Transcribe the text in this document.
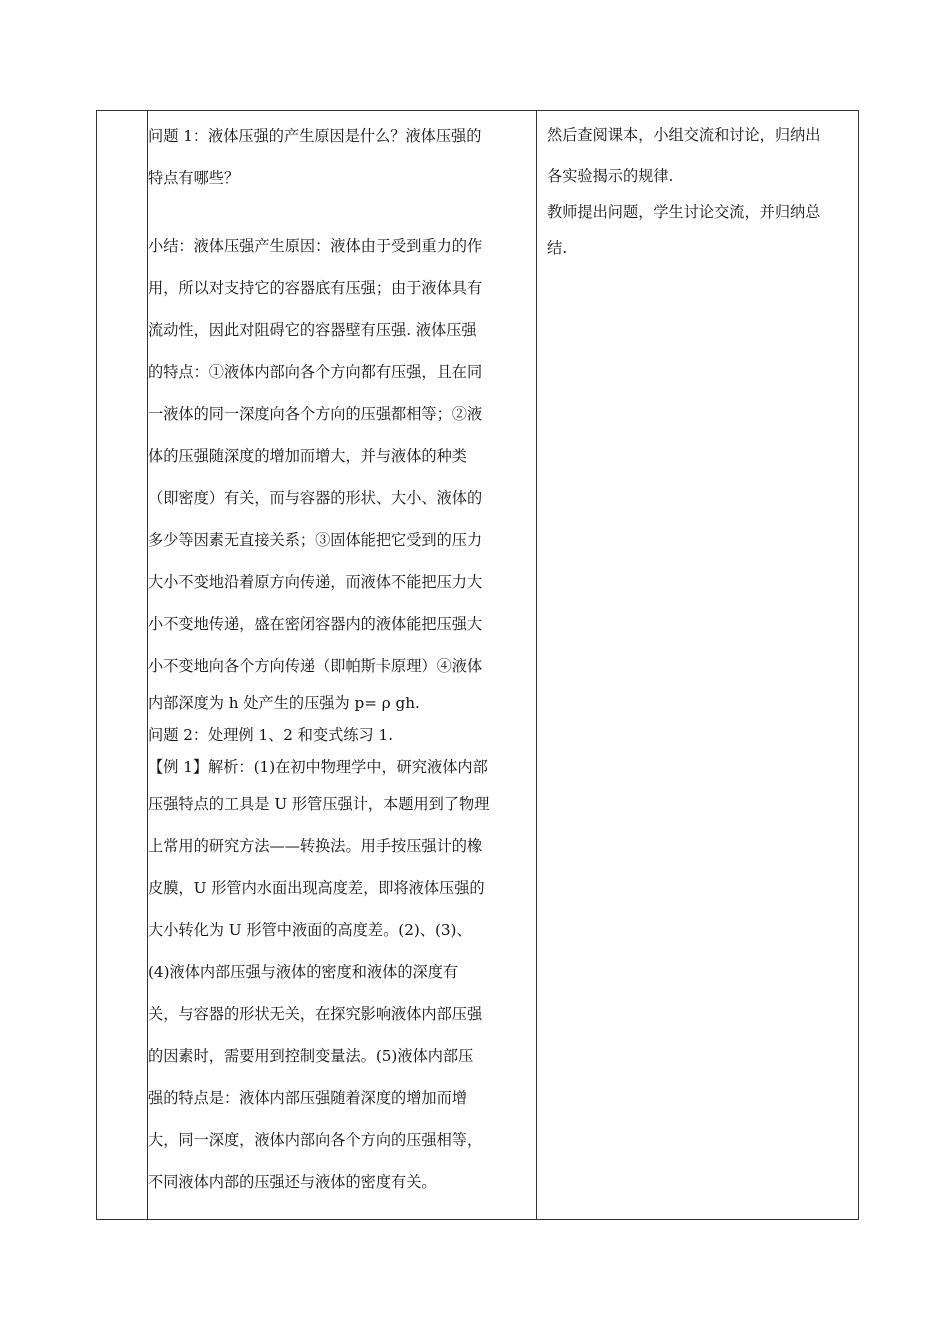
问题 1：液体压强的产生原因是什么？液体压强的
特点有哪些？
小结：液体压强产生原因：液体由于受到重力的作
用，所以对支持它的容器底有压强；由于液体具有
流动性，因此对阻碍它的容器壁有压强. 液体压强
的特点：①液体内部向各个方向都有压强，且在同
一液体的同一深度向各个方向的压强都相等；②液
体的压强随深度的增加而增大，并与液体的种类
（即密度）有关，而与容器的形状、大小、液体的
多少等因素无直接关系；③固体能把它受到的压力
大小不变地沿着原方向传递，而液体不能把压力大
小不变地传递，盛在密闭容器内的液体能把压强大
小不变地向各个方向传递（即帕斯卡原理）④液体
内部深度为 h 处产生的压强为 p= ρ gh.
问题 2：处理例 1、2 和变式练习 1.
【例 1】解析：(1)在初中物理学中，研究液体内部
压强特点的工具是 U 形管压强计，本题用到了物理
上常用的研究方法——转换法。用手按压强计的橡
皮膜，U 形管内水面出现高度差，即将液体压强的
大小转化为 U 形管中液面的高度差。(2)、(3)、
(4)液体内部压强与液体的密度和液体的深度有
关，与容器的形状无关，在探究影响液体内部压强
的因素时，需要用到控制变量法。(5)液体内部压
强的特点是：液体内部压强随着深度的增加而增
大，同一深度，液体内部向各个方向的压强相等，
不同液体内部的压强还与液体的密度有关。
然后查阅课本，小组交流和讨论，归纳出
各实验揭示的规律.
教师提出问题，学生讨论交流，并归纳总
结.
